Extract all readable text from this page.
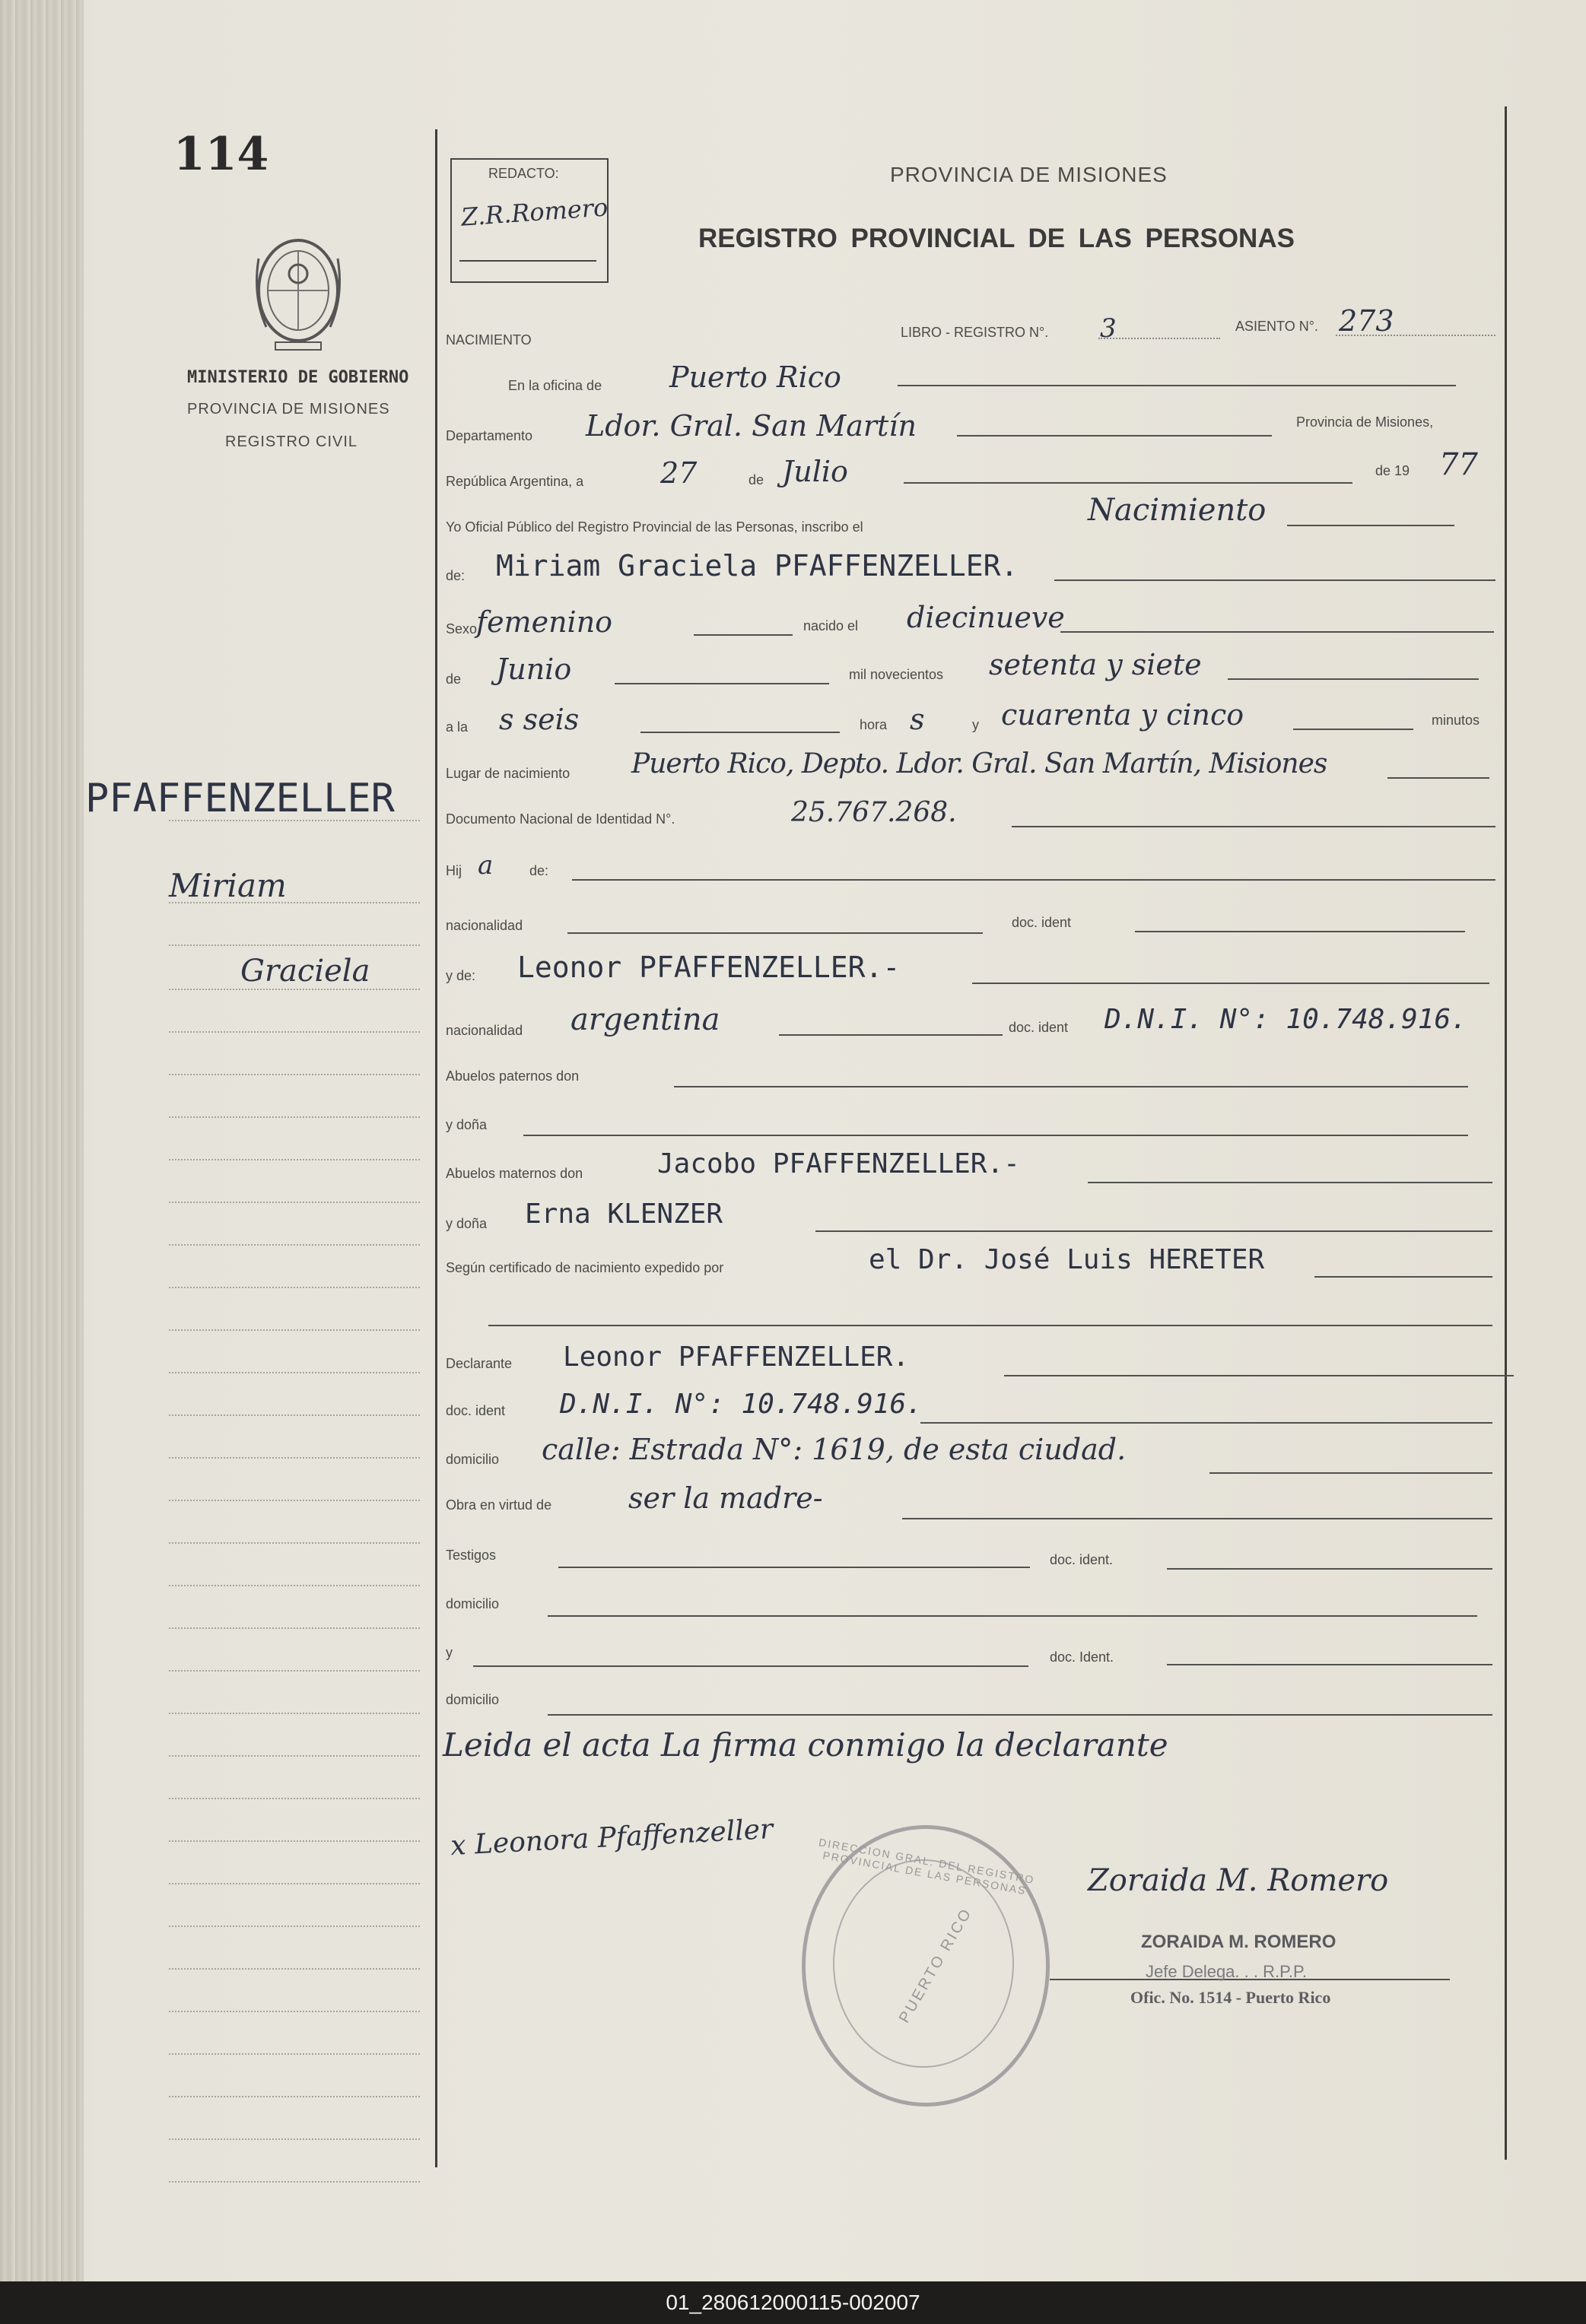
114
MINISTERIO DE GOBIERNO
PROVINCIA DE MISIONES
REGISTRO CIVIL
PFAFFENZELLER
Miriam
Graciela
REDACTO:
Z.R.Romero
PROVINCIA DE MISIONES
REGISTRO PROVINCIAL DE LAS PERSONAS
NACIMIENTO	LIBRO - REGISTRO N°. 3	ASIENTO N°. 273
En la oficina de Puerto Rico
Departamento Ldor. Gral. San Martín	Provincia de Misiones,
República Argentina, a	27	de Julio	de 19 77
Yo Oficial Público del Registro Provincial de las Personas, inscribo el	Nacimiento
de: Miriam Graciela PFAFFENZELLER.
Sexo
femenino	nacido el diecinueve
de Junio	mil novecientos setenta y siete
a la s seis	hora s	y cuarenta y cinco	minutos
Lugar de nacimiento Puerto Rico, Depto. Ldor. Gral. San Martín, Misiones
Documento Nacional de Identidad N°.	25.767.268.
Hij a	de:
nacionalidad	doc. ident
y de: Leonor PFAFFENZELLER.-
nacionalidad argentina	doc. ident D.N.I. N°: 10.748.916.
Abuelos paternos don
y doña
Abuelos maternos don	Jacobo PFAFFENZELLER.-
y doña Erna KLENZER
Según certificado de nacimiento expedido por	el Dr. José Luis HERETER
Declarante Leonor PFAFFENZELLER.
doc. ident D.N.I. N°: 10.748.916.
domicilio calle: Estrada N°: 1619, de esta ciudad.
Obra en virtud de	ser la madre-
Testigos	doc. ident.
domicilio
y	doc. Ident.
domicilio
Leida el acta La firma conmigo la declarante
x Leonora Pfaffenzeller	DIRECCION GRAL. DEL REGISTRO PROVINCIAL DE LAS PERSONAS
PUERTO RICO
Zoraida M. Romero
ZORAIDA M. ROMERO
Jefe Delega. . . R.P.P.
Ofic. No. 1514 - Puerto Rico
01_280612000115-002007
